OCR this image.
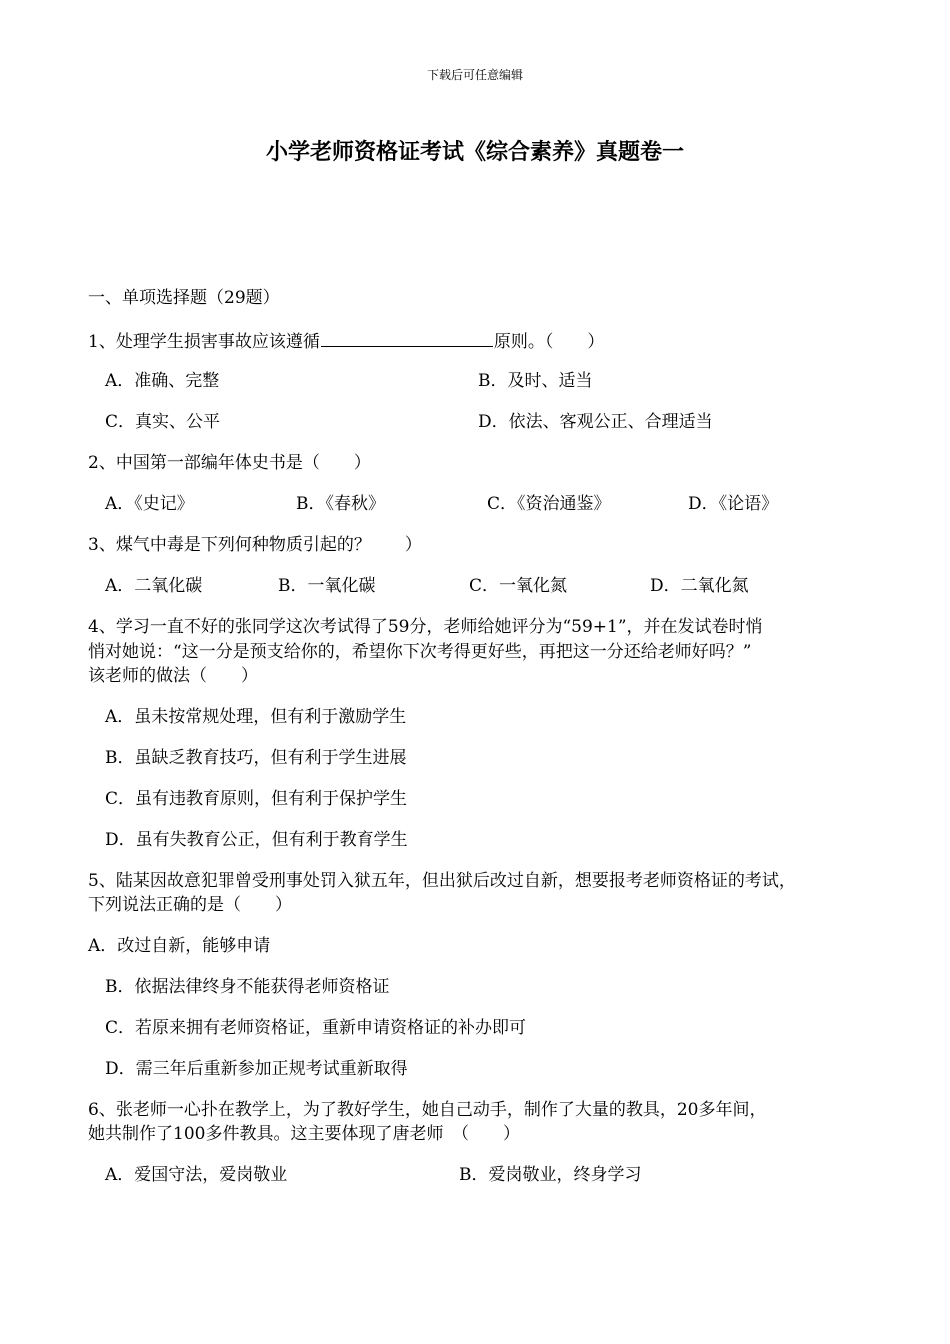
下载后可任意编辑
小学老师资格证考试《综合素养》真题卷一
一、单项选择题（29题）
1、处理学生损害事故应该遵循	原则。（　　）
A．准确、完整	B．及时、适当
C．真实、公平	D．依法、客观公正、合理适当
2、中国第一部编年体史书是（　　）
A．《史记》	B．《春秋》	C．《资治通鉴》	D．《论语》
3、煤气中毒是下列何种物质引起的？　　）
A．二氧化碳	B．一氧化碳	C．一氧化氮	D．二氧化氮
4、学习一直不好的张同学这次考试得了59分，老师给她评分为“59+1”，并在发试卷时悄
悄对她说：“这一分是预支给你的，希望你下次考得更好些，再把这一分还给老师好吗？”
该老师的做法（　　）
A．虽未按常规处理，但有利于激励学生
B．虽缺乏教育技巧，但有利于学生进展
C．虽有违教育原则，但有利于保护学生
D．虽有失教育公正，但有利于教育学生
5、陆某因故意犯罪曾受刑事处罚入狱五年，但出狱后改过自新，想要报考老师资格证的考试，
下列说法正确的是（　　）
A．改过自新，能够申请
B．依据法律终身不能获得老师资格证
C．若原来拥有老师资格证，重新申请资格证的补办即可
D．需三年后重新参加正规考试重新取得
6、张老师一心扑在教学上，为了教好学生，她自己动手，制作了大量的教具，20多年间，
她共制作了100多件教具。这主要体现了唐老师　（　　）
A．爱国守法，爱岗敬业	B．爱岗敬业，终身学习
